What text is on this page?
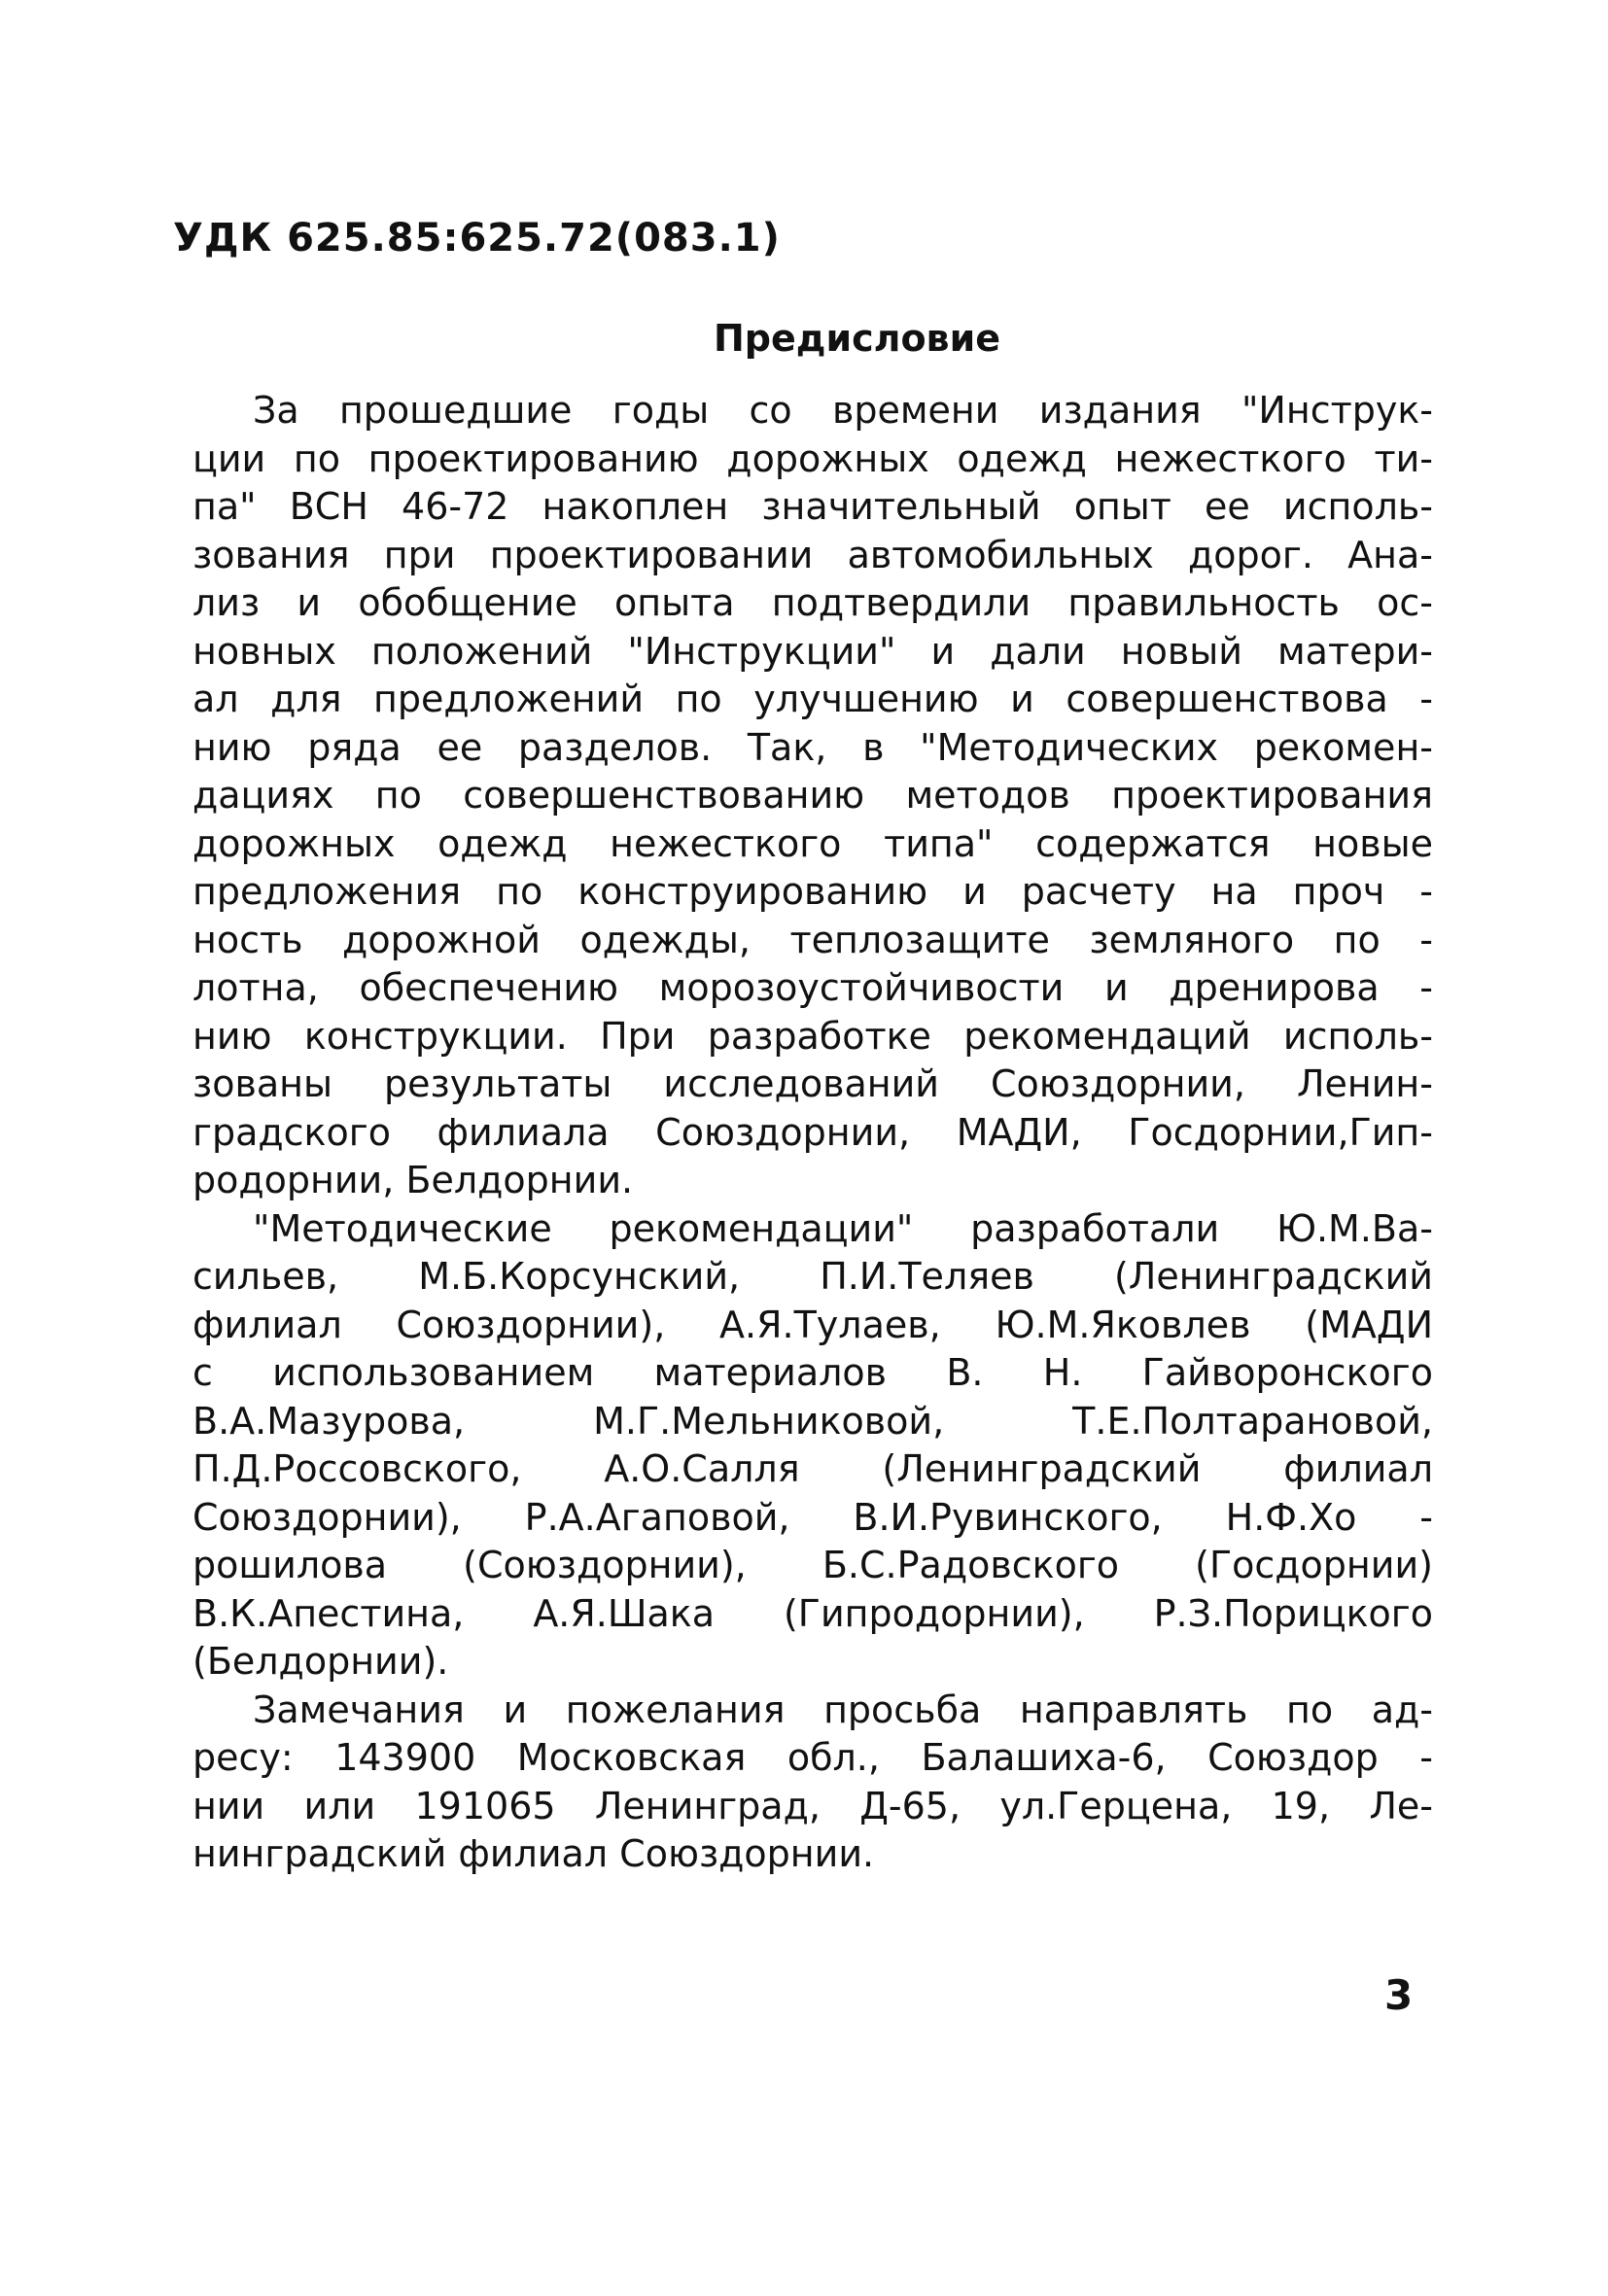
УДК 625.85:625.72(083.1)
Предисловие
За прошедшие годы со времени издания "Инструк-
ции по проектированию дорожных одежд нежесткого ти-
па" ВСН 46-72 накоплен значительный опыт ее исполь-
зования при проектировании автомобильных дорог. Ана-
лиз и обобщение опыта подтвердили правильность ос-
новных положений "Инструкции" и дали новый матери-
ал для предложений по улучшению и совершенствова -
нию ряда ее разделов. Так, в "Методических рекомен-
дациях по совершенствованию методов проектирования
дорожных одежд нежесткого типа" содержатся новые
предложения по конструированию и расчету на проч -
ность дорожной одежды, теплозащите земляного по -
лотна, обеспечению морозоустойчивости и дренирова -
нию конструкции. При разработке рекомендаций исполь-
зованы результаты исследований Союздорнии, Ленин-
градского филиала Союздорнии, МАДИ, Госдорнии,Гип-
родорнии, Белдорнии.
"Методические рекомендации" разработали Ю.М.Ва-
сильев, М.Б.Корсунский, П.И.Теляев (Ленинградский
филиал Союздорнии), А.Я.Тулаев, Ю.М.Яковлев (МАДИ
с использованием материалов В. Н. Гайворонского
В.А.Мазурова, М.Г.Мельниковой, Т.Е.Полтарановой,
П.Д.Россовского, А.О.Салля (Ленинградский филиал
Союздорнии), Р.А.Агаповой, В.И.Рувинского, Н.Ф.Хо -
рошилова (Союздорнии), Б.С.Радовского (Госдорнии)
В.К.Апестина, А.Я.Шака (Гипродорнии), Р.З.Порицкого
(Белдорнии).
Замечания и пожелания просьба направлять по ад-
ресу: 143900 Московская обл., Балашиха-6, Союздор -
нии или 191065 Ленинград, Д-65, ул.Герцена, 19, Ле-
нинградский филиал Союздорнии.
3
